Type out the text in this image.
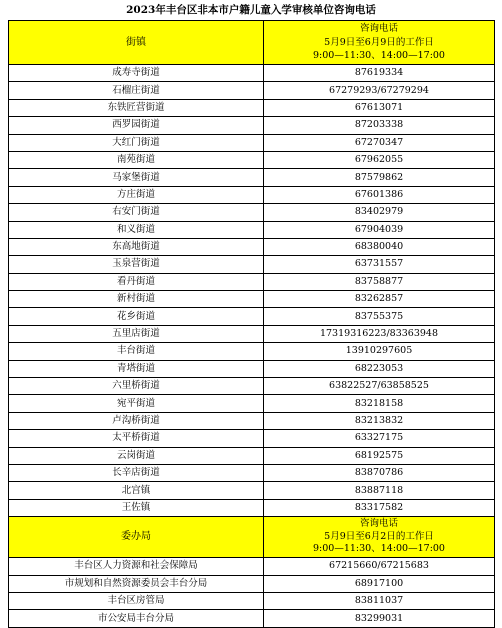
2023年丰台区非本市户籍儿童入学审核单位咨询电话
街镇	咨询电话
5月9日至6月9日的工作日
9:00—11:30、14:00—17:00

成寿寺街道	87619334
石榴庄街道	67279293/67279294
东铁匠营街道	67613071
西罗园街道	87203338
大红门街道	67270347
南苑街道	67962055
马家堡街道	87579862
方庄街道	67601386
右安门街道	83402979
和义街道	67904039
东高地街道	68380040
玉泉营街道	63731557
看丹街道	83758877
新村街道	83262857
花乡街道	83755375
五里店街道	17319316223/83363948
丰台街道	13910297605
青塔街道	68223053
六里桥街道	63822527/63858525
宛平街道	83218158
卢沟桥街道	83213832
太平桥街道	63327175
云岗街道	68192575
长辛店街道	83870786
北宫镇	83887118
王佐镇	83317582
委办局	咨询电话
5月9日至6月2日的工作日
9:00—11:30、14:00—17:00

丰台区人力资源和社会保障局	67215660/67215683
市规划和自然资源委员会丰台分局	68917100
丰台区房管局	83811037
市公安局丰台分局	83299031
